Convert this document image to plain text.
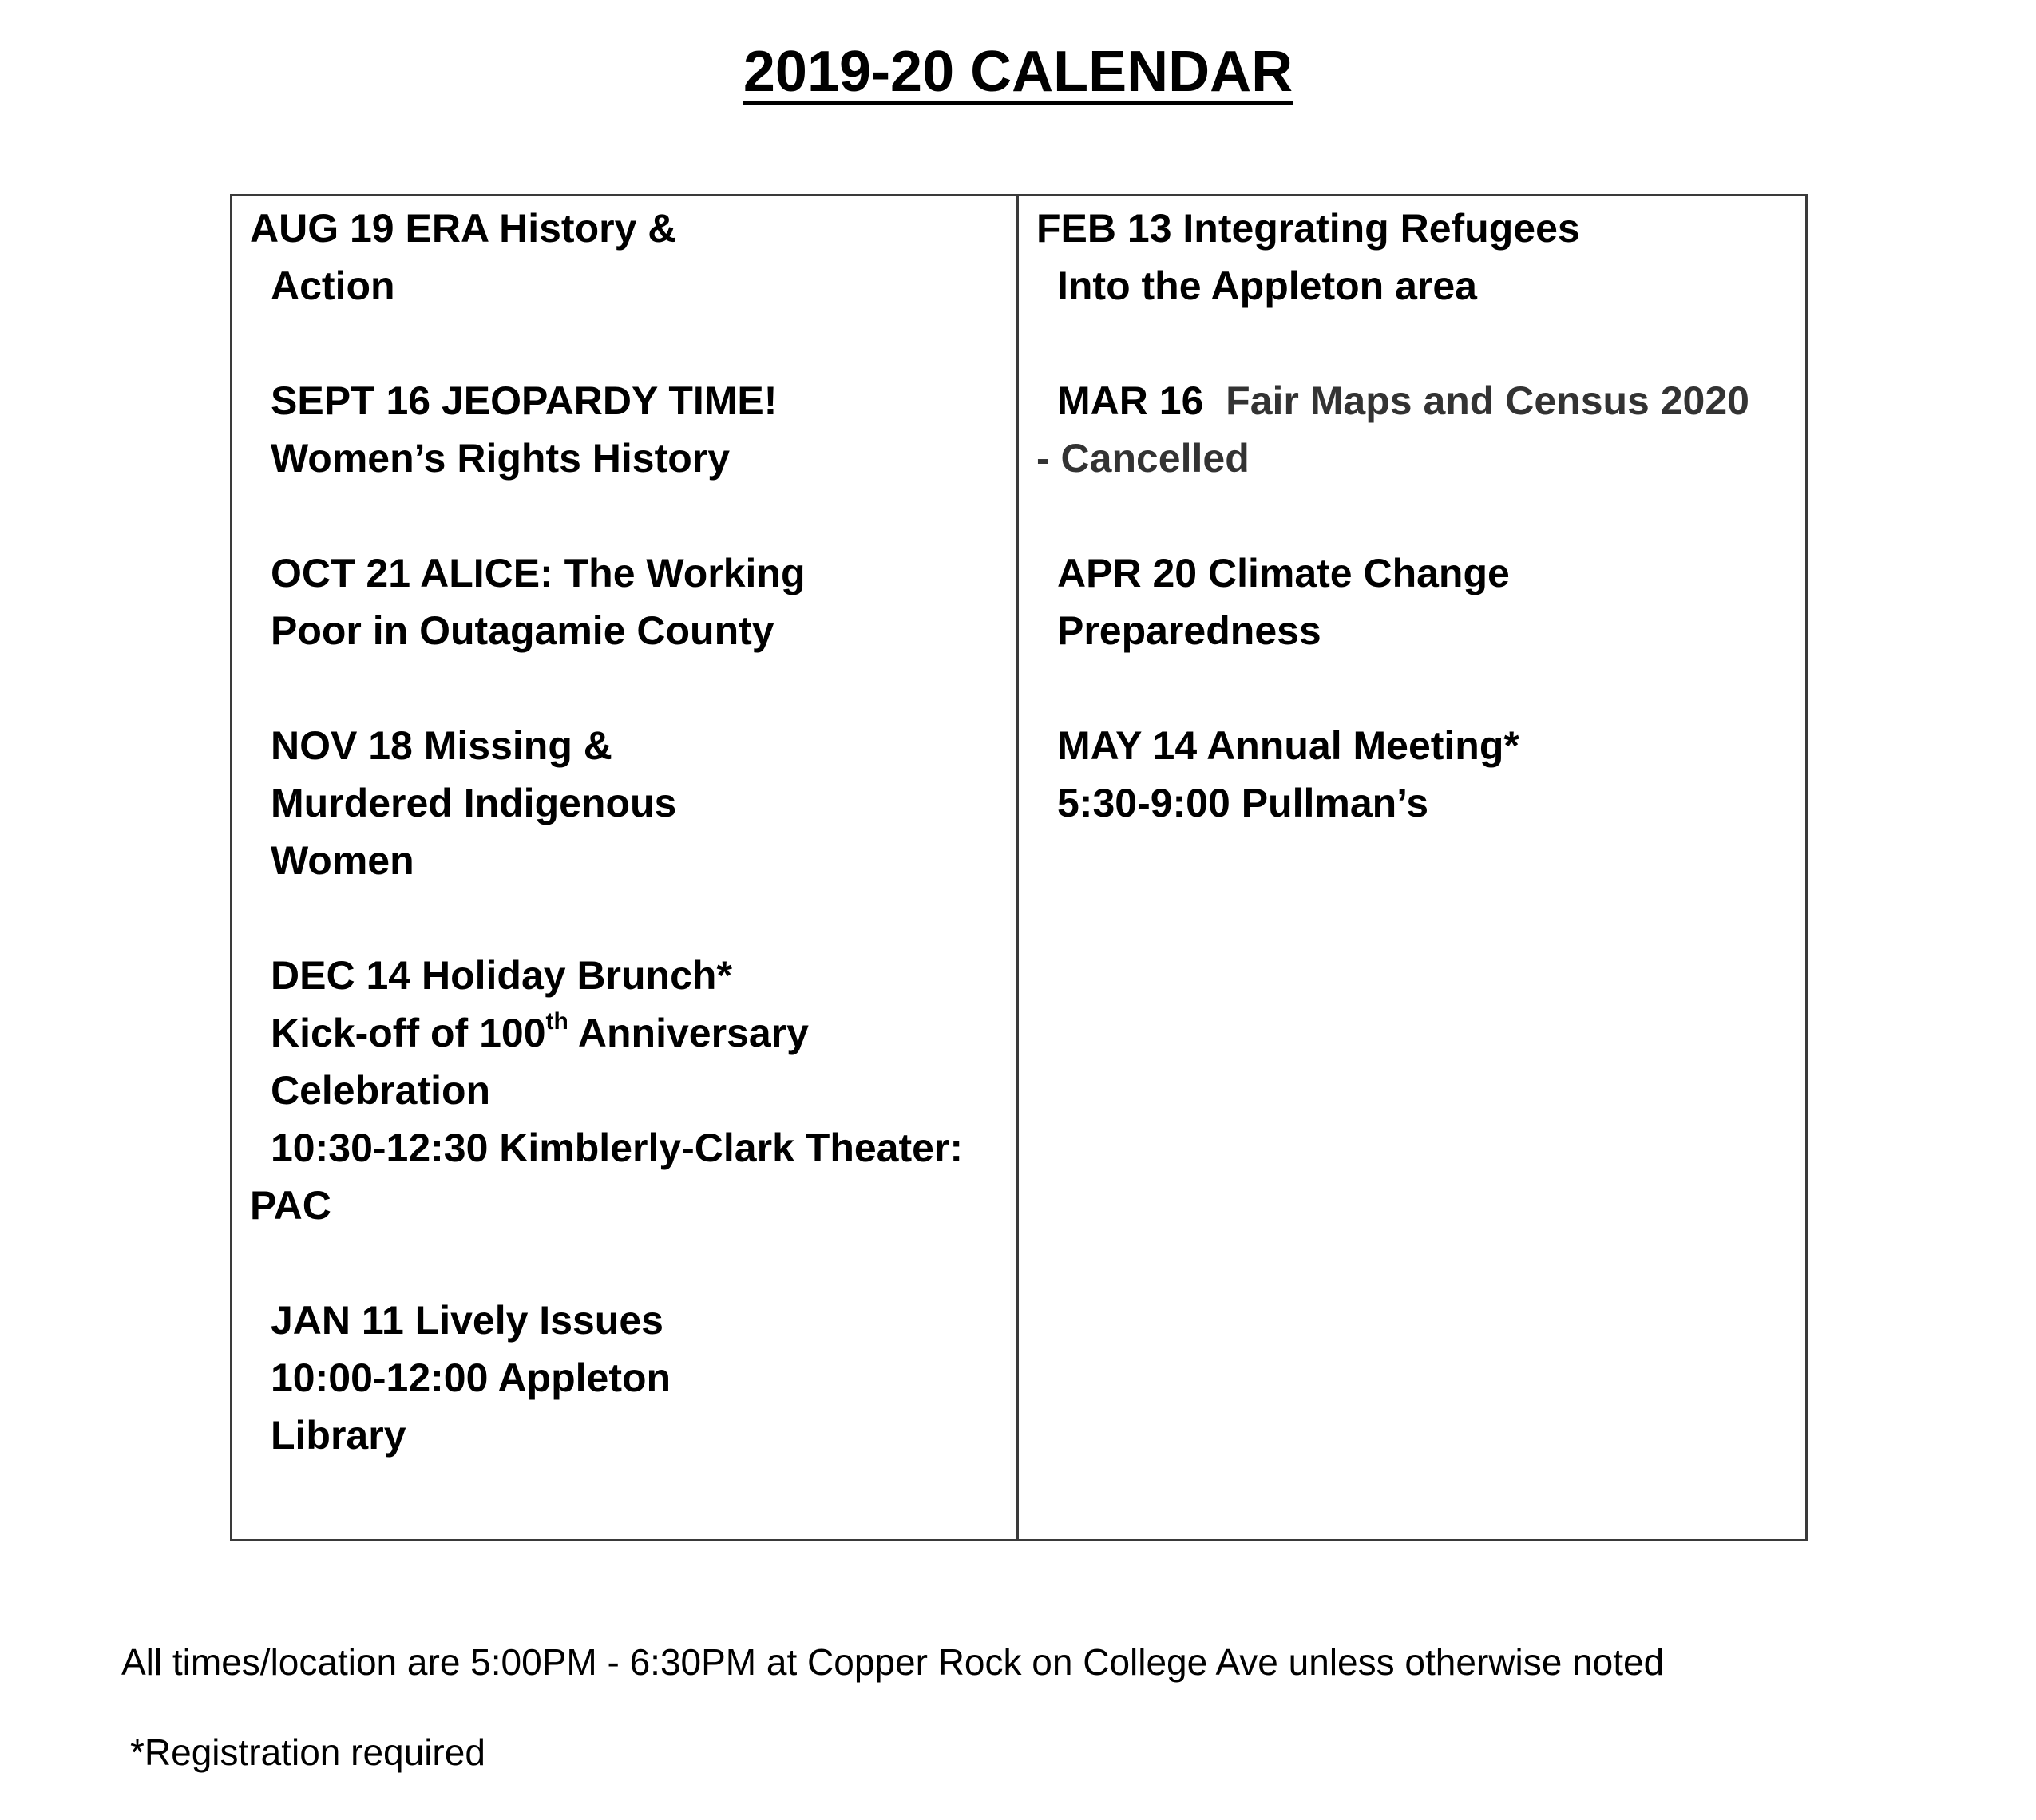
2019-20 CALENDAR
AUG 19 ERA History &
Action
SEPT 16 JEOPARDY TIME!
Women’s Rights History
OCT 21 ALICE: The Working
Poor in Outagamie County
NOV 18 Missing &
Murdered Indigenous
Women
DEC 14 Holiday Brunch*
Kick-off of 100th Anniversary
Celebration
10:30-12:30 Kimblerly-Clark Theater:
PAC
JAN 11 Lively Issues
10:00-12:00 Appleton
Library
FEB 13 Integrating Refugees
Into the Appleton area
MAR 16  Fair Maps and Census 2020
- Cancelled
APR 20 Climate Change
Preparedness
MAY 14 Annual Meeting*
5:30-9:00 Pullman’s

All times/location are 5:00PM - 6:30PM at Copper Rock on College Ave unless otherwise noted

*Registration required
